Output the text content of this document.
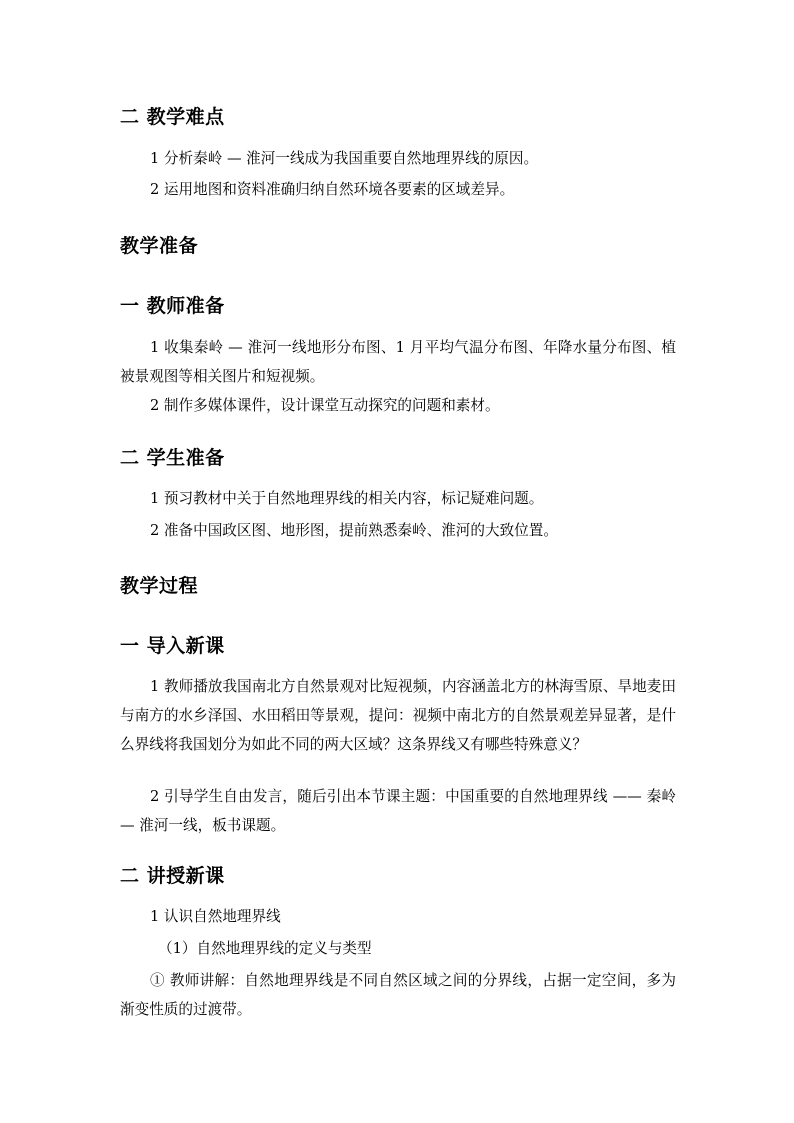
二 教学难点
1 分析秦岭 — 淮河一线成为我国重要自然地理界线的原因。
2 运用地图和资料准确归纳自然环境各要素的区域差异。
教学准备
一 教师准备
1 收集秦岭 — 淮河一线地形分布图、1 月平均气温分布图、年降水量分布图、植被景观图等相关图片和短视频。
2 制作多媒体课件，设计课堂互动探究的问题和素材。
二 学生准备
1 预习教材中关于自然地理界线的相关内容，标记疑难问题。
2 准备中国政区图、地形图，提前熟悉秦岭、淮河的大致位置。
教学过程
一 导入新课
1 教师播放我国南北方自然景观对比短视频，内容涵盖北方的林海雪原、旱地麦田与南方的水乡泽国、水田稻田等景观，提问：视频中南北方的自然景观差异显著，是什么界线将我国划分为如此不同的两大区域？这条界线又有哪些特殊意义？
2 引导学生自由发言，随后引出本节课主题：中国重要的自然地理界线 —— 秦岭 — 淮河一线，板书课题。
二 讲授新课
1 认识自然地理界线
（1）自然地理界线的定义与类型
① 教师讲解：自然地理界线是不同自然区域之间的分界线，占据一定空间，多为渐变性质的过渡带。
